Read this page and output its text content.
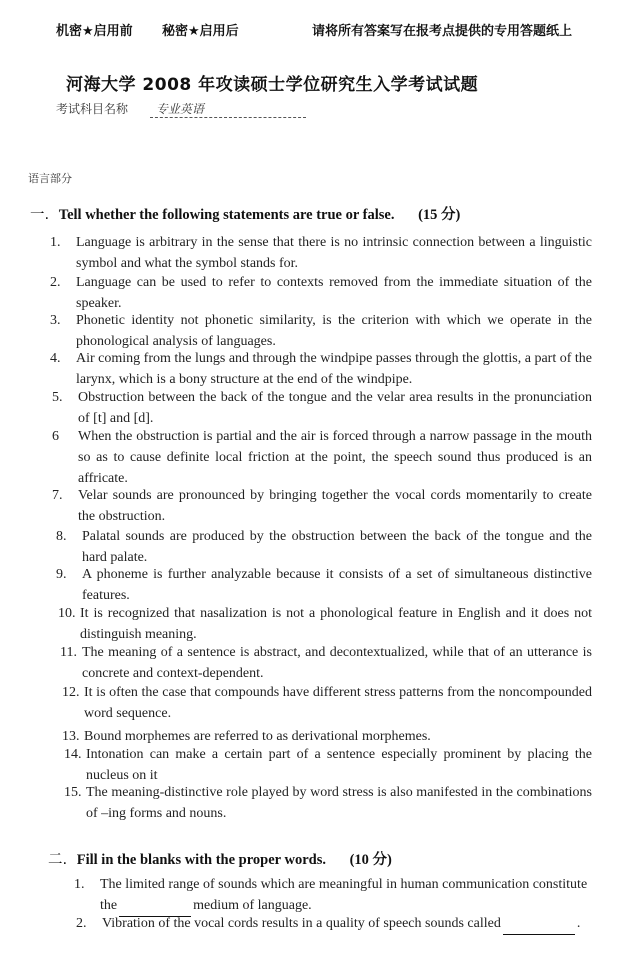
机密★启用前 秘密★启用后	请将所有答案写在报考点提供的专用答题纸上
河海大学 2008 年攻读硕士学位研究生入学考试试题
考试科目名称 专业英语
语言部分
一. Tell whether the following statements are true or false. (15 分)
1. Language is arbitrary in the sense that there is no intrinsic connection between a linguistic symbol and what the symbol stands for.
2. Language can be used to refer to contexts removed from the immediate situation of the speaker.
3. Phonetic identity not phonetic similarity, is the criterion with which we operate in the phonological analysis of languages.
4. Air coming from the lungs and through the windpipe passes through the glottis, a part of the larynx, which is a bony structure at the end of the windpipe.
5. Obstruction between the back of the tongue and the velar area results in the pronunciation of [t] and [d].
6 When the obstruction is partial and the air is forced through a narrow passage in the mouth so as to cause definite local friction at the point, the speech sound thus produced is an affricate.
7. Velar sounds are pronounced by bringing together the vocal cords momentarily to create the obstruction.
8. Palatal sounds are produced by the obstruction between the back of the tongue and the hard palate.
9. A phoneme is further analyzable because it consists of a set of simultaneous distinctive features.
10. It is recognized that nasalization is not a phonological feature in English and it does not distinguish meaning.
11. The meaning of a sentence is abstract, and decontextualized, while that of an utterance is concrete and context-dependent.
12. It is often the case that compounds have different stress patterns from the noncompounded word sequence.
13. Bound morphemes are referred to as derivational morphemes.
14. Intonation can make a certain part of a sentence especially prominent by placing the nucleus on it
15. The meaning-distinctive role played by word stress is also manifested in the combinations of –ing forms and nouns.
二. Fill in the blanks with the proper words. (10 分)
1. The limited range of sounds which are meaningful in human communication constitute the	medium of language.
2. Vibration of the vocal cords results in a quality of speech sounds called	.
